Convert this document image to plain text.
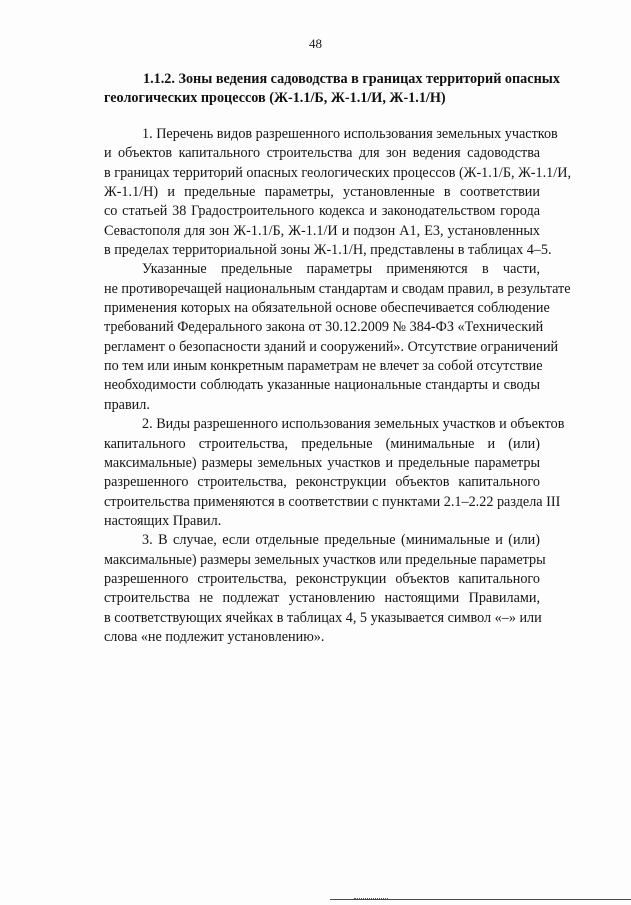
48
1.1.2. Зоны ведения садоводства в границах территорий опасных
геологических процессов (Ж-1.1/Б, Ж-1.1/И, Ж-1.1/Н)
1. Перечень видов разрешенного использования земельных участков
и объектов капитального строительства для зон ведения садоводства
в границах территорий опасных геологических процессов (Ж-1.1/Б, Ж-1.1/И,
Ж-1.1/Н) и предельные параметры, установленные в соответствии
со статьей 38 Градостроительного кодекса и законодательством города
Севастополя для зон Ж-1.1/Б, Ж-1.1/И и подзон А1, Е3, установленных
в пределах территориальной зоны Ж-1.1/Н, представлены в таблицах 4–5.
Указанные предельные параметры применяются в части,
не противоречащей национальным стандартам и сводам правил, в результате
применения которых на обязательной основе обеспечивается соблюдение
требований Федерального закона от 30.12.2009 № 384-ФЗ «Технический
регламент о безопасности зданий и сооружений». Отсутствие ограничений
по тем или иным конкретным параметрам не влечет за собой отсутствие
необходимости соблюдать указанные национальные стандарты и своды
правил.
2. Виды разрешенного использования земельных участков и объектов
капитального строительства, предельные (минимальные и (или)
максимальные) размеры земельных участков и предельные параметры
разрешенного строительства, реконструкции объектов капитального
строительства применяются в соответствии с пунктами 2.1–2.22 раздела III
настоящих Правил.
3. В случае, если отдельные предельные (минимальные и (или)
максимальные) размеры земельных участков или предельные параметры
разрешенного строительства, реконструкции объектов капитального
строительства не подлежат установлению настоящими Правилами,
в соответствующих ячейках в таблицах 4, 5 указывается символ «–» или
слова «не подлежит установлению».
